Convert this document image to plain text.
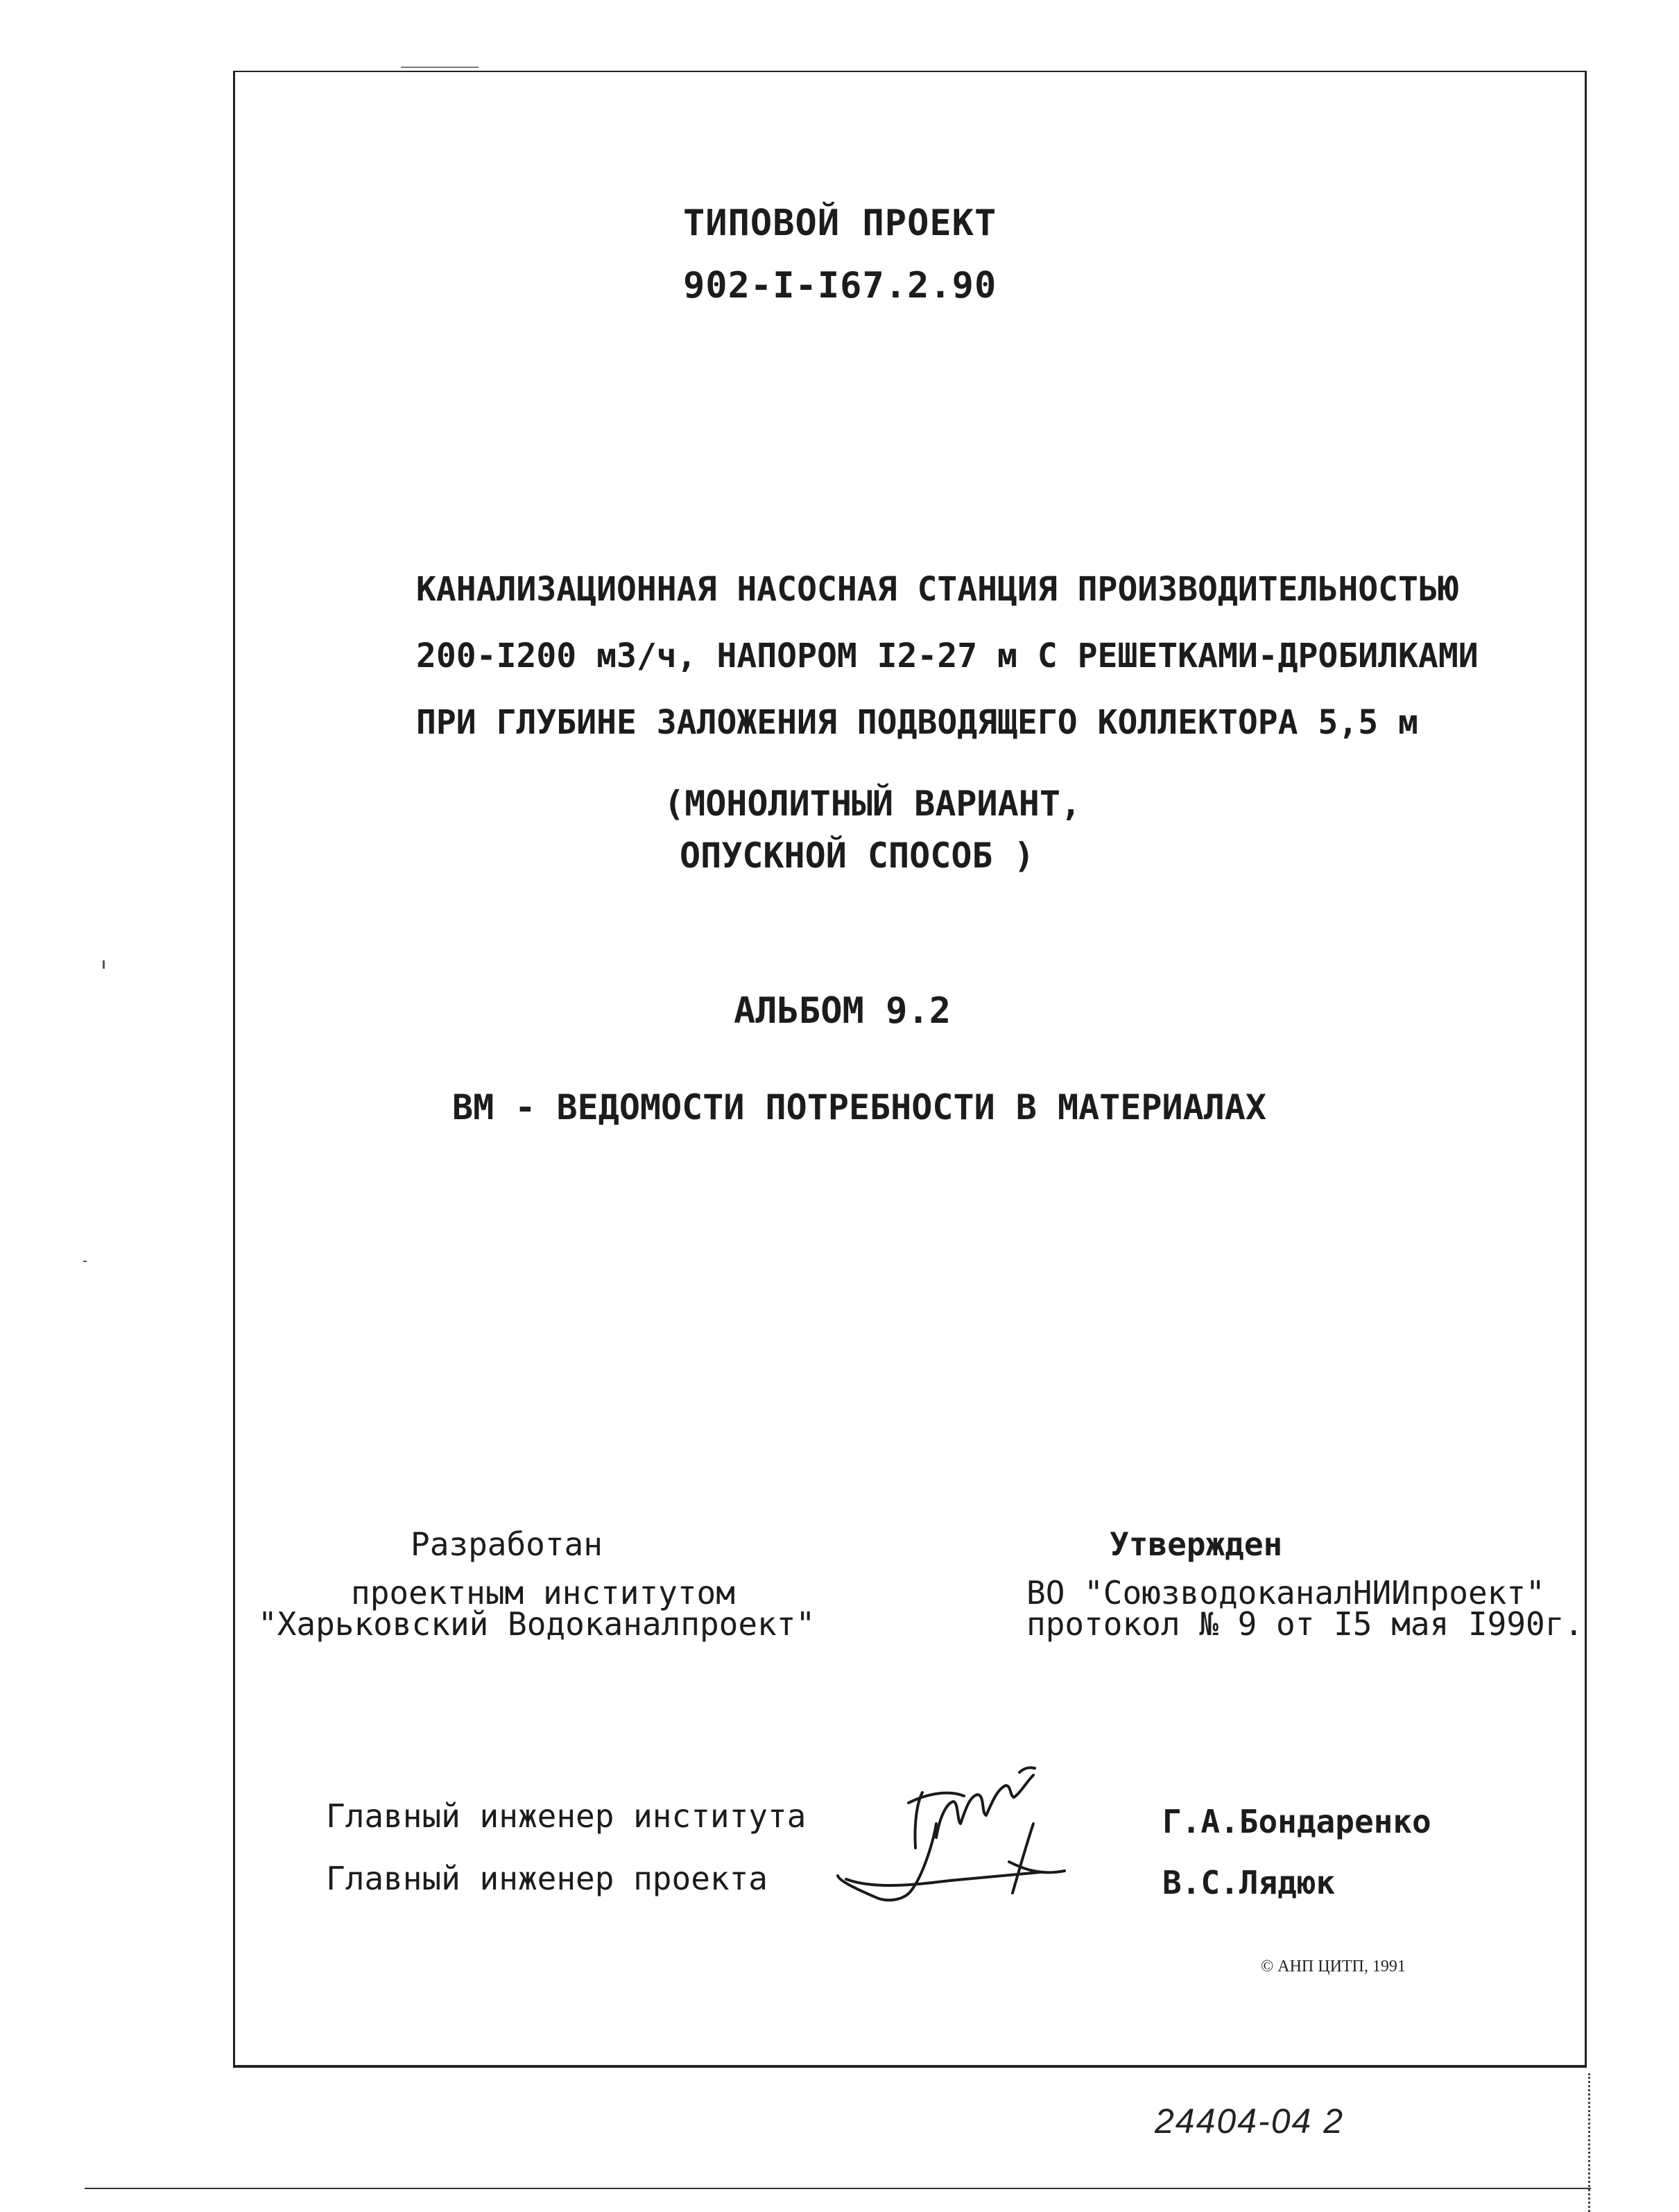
ТИПОВОЙ ПРОЕКТ
902-I-I67.2.90
КАНАЛИЗАЦИОННАЯ НАСОСНАЯ СТАНЦИЯ ПРОИЗВОДИТЕЛЬНОСТЬЮ
200-I200 м3/ч, НАПОРОМ I2-27 м С РЕШЕТКАМИ-ДРОБИЛКАМИ
ПРИ ГЛУБИНЕ ЗАЛОЖЕНИЯ ПОДВОДЯЩЕГО КОЛЛЕКТОРА 5,5 м
(МОНОЛИТНЫЙ ВАРИАНТ,
ОПУСКНОЙ СПОСОБ )
АЛЬБОМ 9.2
ВМ - ВЕДОМОСТИ ПОТРЕБНОСТИ В МАТЕРИАЛАХ
Разработан
проектным институтом
"Харьковский Водоканалпроект"
Утвержден
ВО "СоюзводоканалНИИпроект"
протокол № 9 от I5 мая I990г.
Главный инженер института
Главный инженер проекта
Г.А.Бондаренко
В.С.Лядюк
© АНП ЦИТП, 1991
24404-04 2
